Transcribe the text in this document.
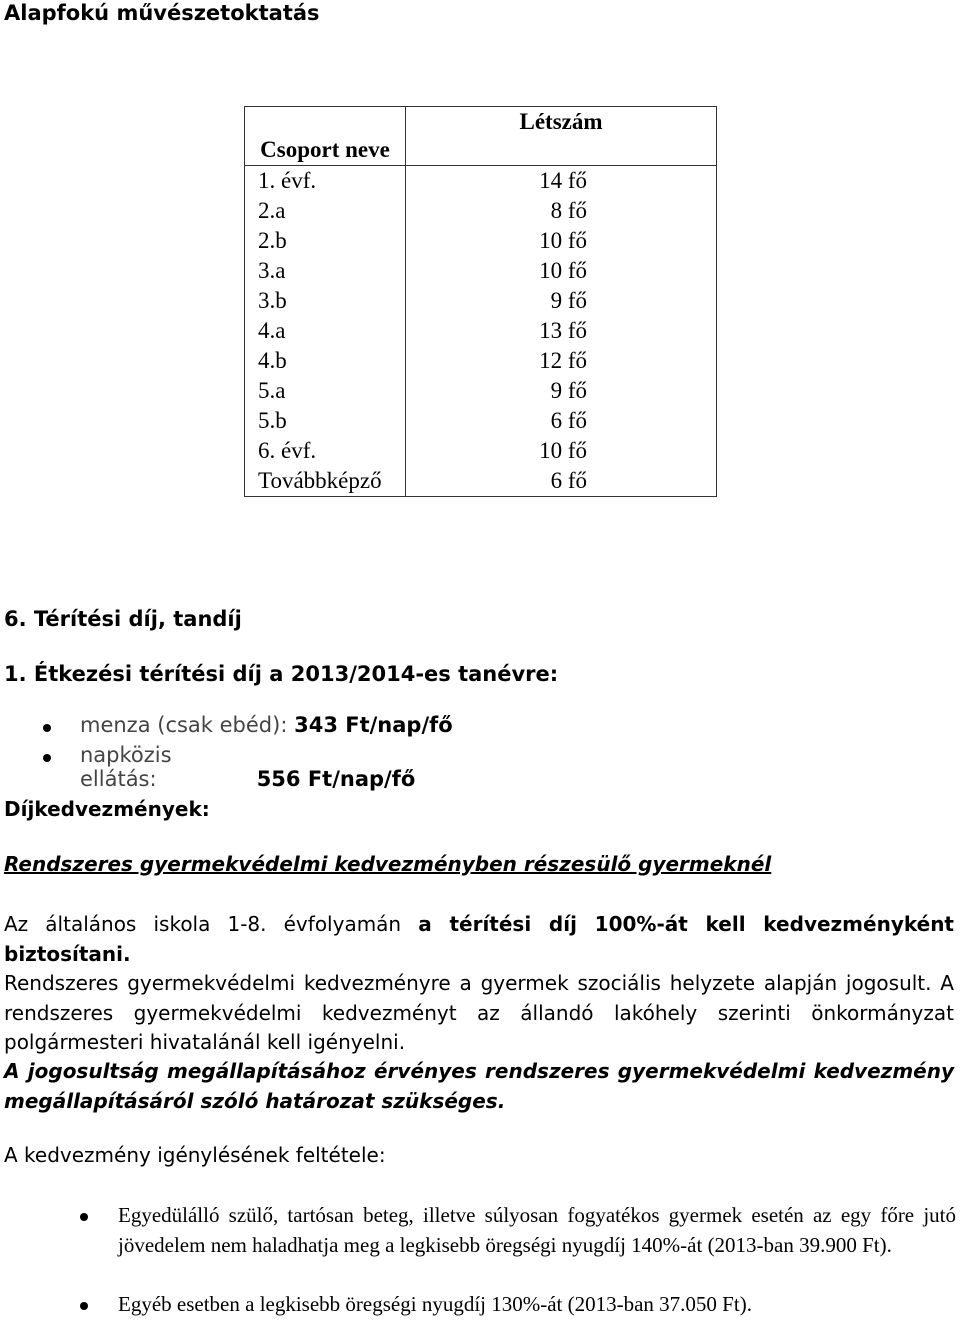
Alapfokú művészetoktatás
Csoport neve	Létszám
1. évf.	14 fő
2.a	8 fő
2.b	10 fő
3.a	10 fő
3.b	9 fő
4.a	13 fő
4.b	12 fő
5.a	9 fő
5.b	6 fő
6. évf.	10 fő
Továbbképző	6 fő
6. Térítési díj, tandíj
1. Étkezési térítési díj a 2013/2014-es tanévre:
menza (csak ebéd): 343 Ft/nap/fő
napközis ellátás:	556 Ft/nap/fő
Díjkedvezmények:
Rendszeres gyermekvédelmi kedvezményben részesülő gyermeknél
Az általános iskola 1-8. évfolyamán a térítési díj 100%-át kell kedvezményként biztosítani.
Rendszeres gyermekvédelmi kedvezményre a gyermek szociális helyzete alapján jogosult. A rendszeres gyermekvédelmi kedvezményt az állandó lakóhely szerinti önkormányzat polgármesteri hivatalánál kell igényelni.
A jogosultság megállapításához érvényes rendszeres gyermekvédelmi kedvezmény megállapításáról szóló határozat szükséges.
A kedvezmény igénylésének feltétele:
Egyedülálló szülő, tartósan beteg, illetve súlyosan fogyatékos gyermek esetén az egy főre jutó jövedelem nem haladhatja meg a legkisebb öregségi nyugdíj 140%-át (2013-ban 39.900 Ft).
Egyéb esetben a legkisebb öregségi nyugdíj 130%-át (2013-ban 37.050 Ft).
